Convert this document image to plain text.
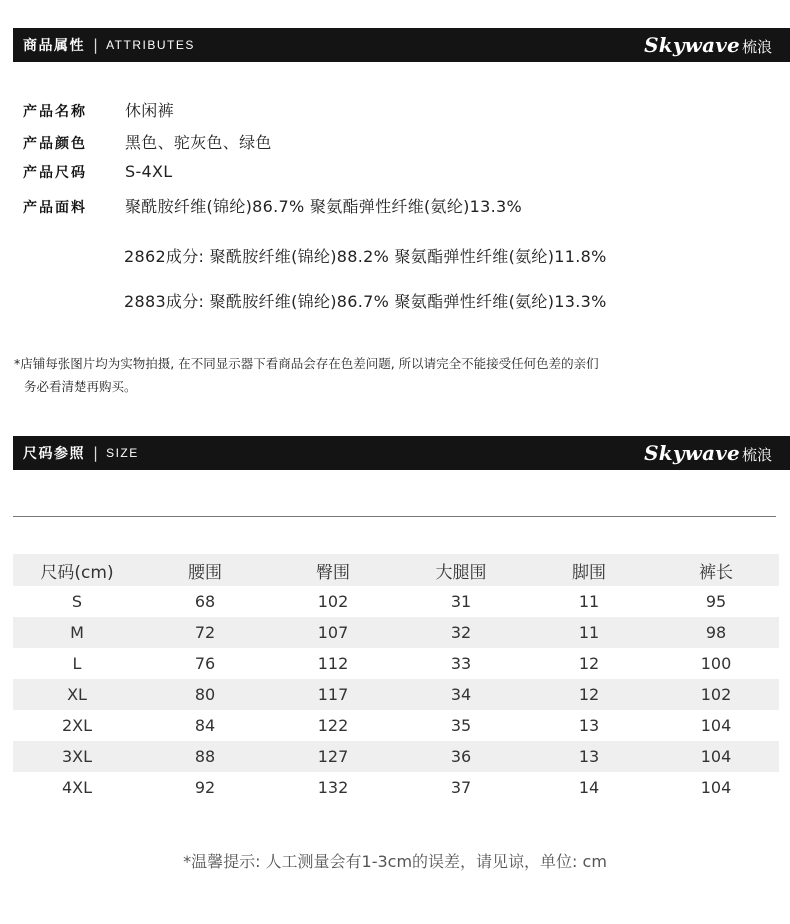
商品属性 | ATTRIBUTES	Skywave 梳浪
产品名称	休闲裤
产品颜色	黑色、驼灰色、绿色
产品尺码	S-4XL
产品面料	聚酰胺纤维(锦纶)86.7% 聚氨酯弹性纤维(氨纶)13.3%
2862成分: 聚酰胺纤维(锦纶)88.2% 聚氨酯弹性纤维(氨纶)11.8%
2883成分: 聚酰胺纤维(锦纶)86.7% 聚氨酯弹性纤维(氨纶)13.3%
*店铺每张图片均为实物拍摄, 在不同显示器下看商品会存在色差问题, 所以请完全不能接受任何色差的亲们
务必看清楚再购买。
尺码参照 | SIZE	Skywave 梳浪
尺码(cm)	腰围	臀围	大腿围	脚围	裤长
S	68	102	31	11	95
M	72	107	32	11	98
L	76	112	33	12	100
XL	80	117	34	12	102
2XL	84	122	35	13	104
3XL	88	127	36	13	104
4XL	92	132	37	14	104
*温馨提示: 人工测量会有1-3cm的误差，请见谅，单位: cm
